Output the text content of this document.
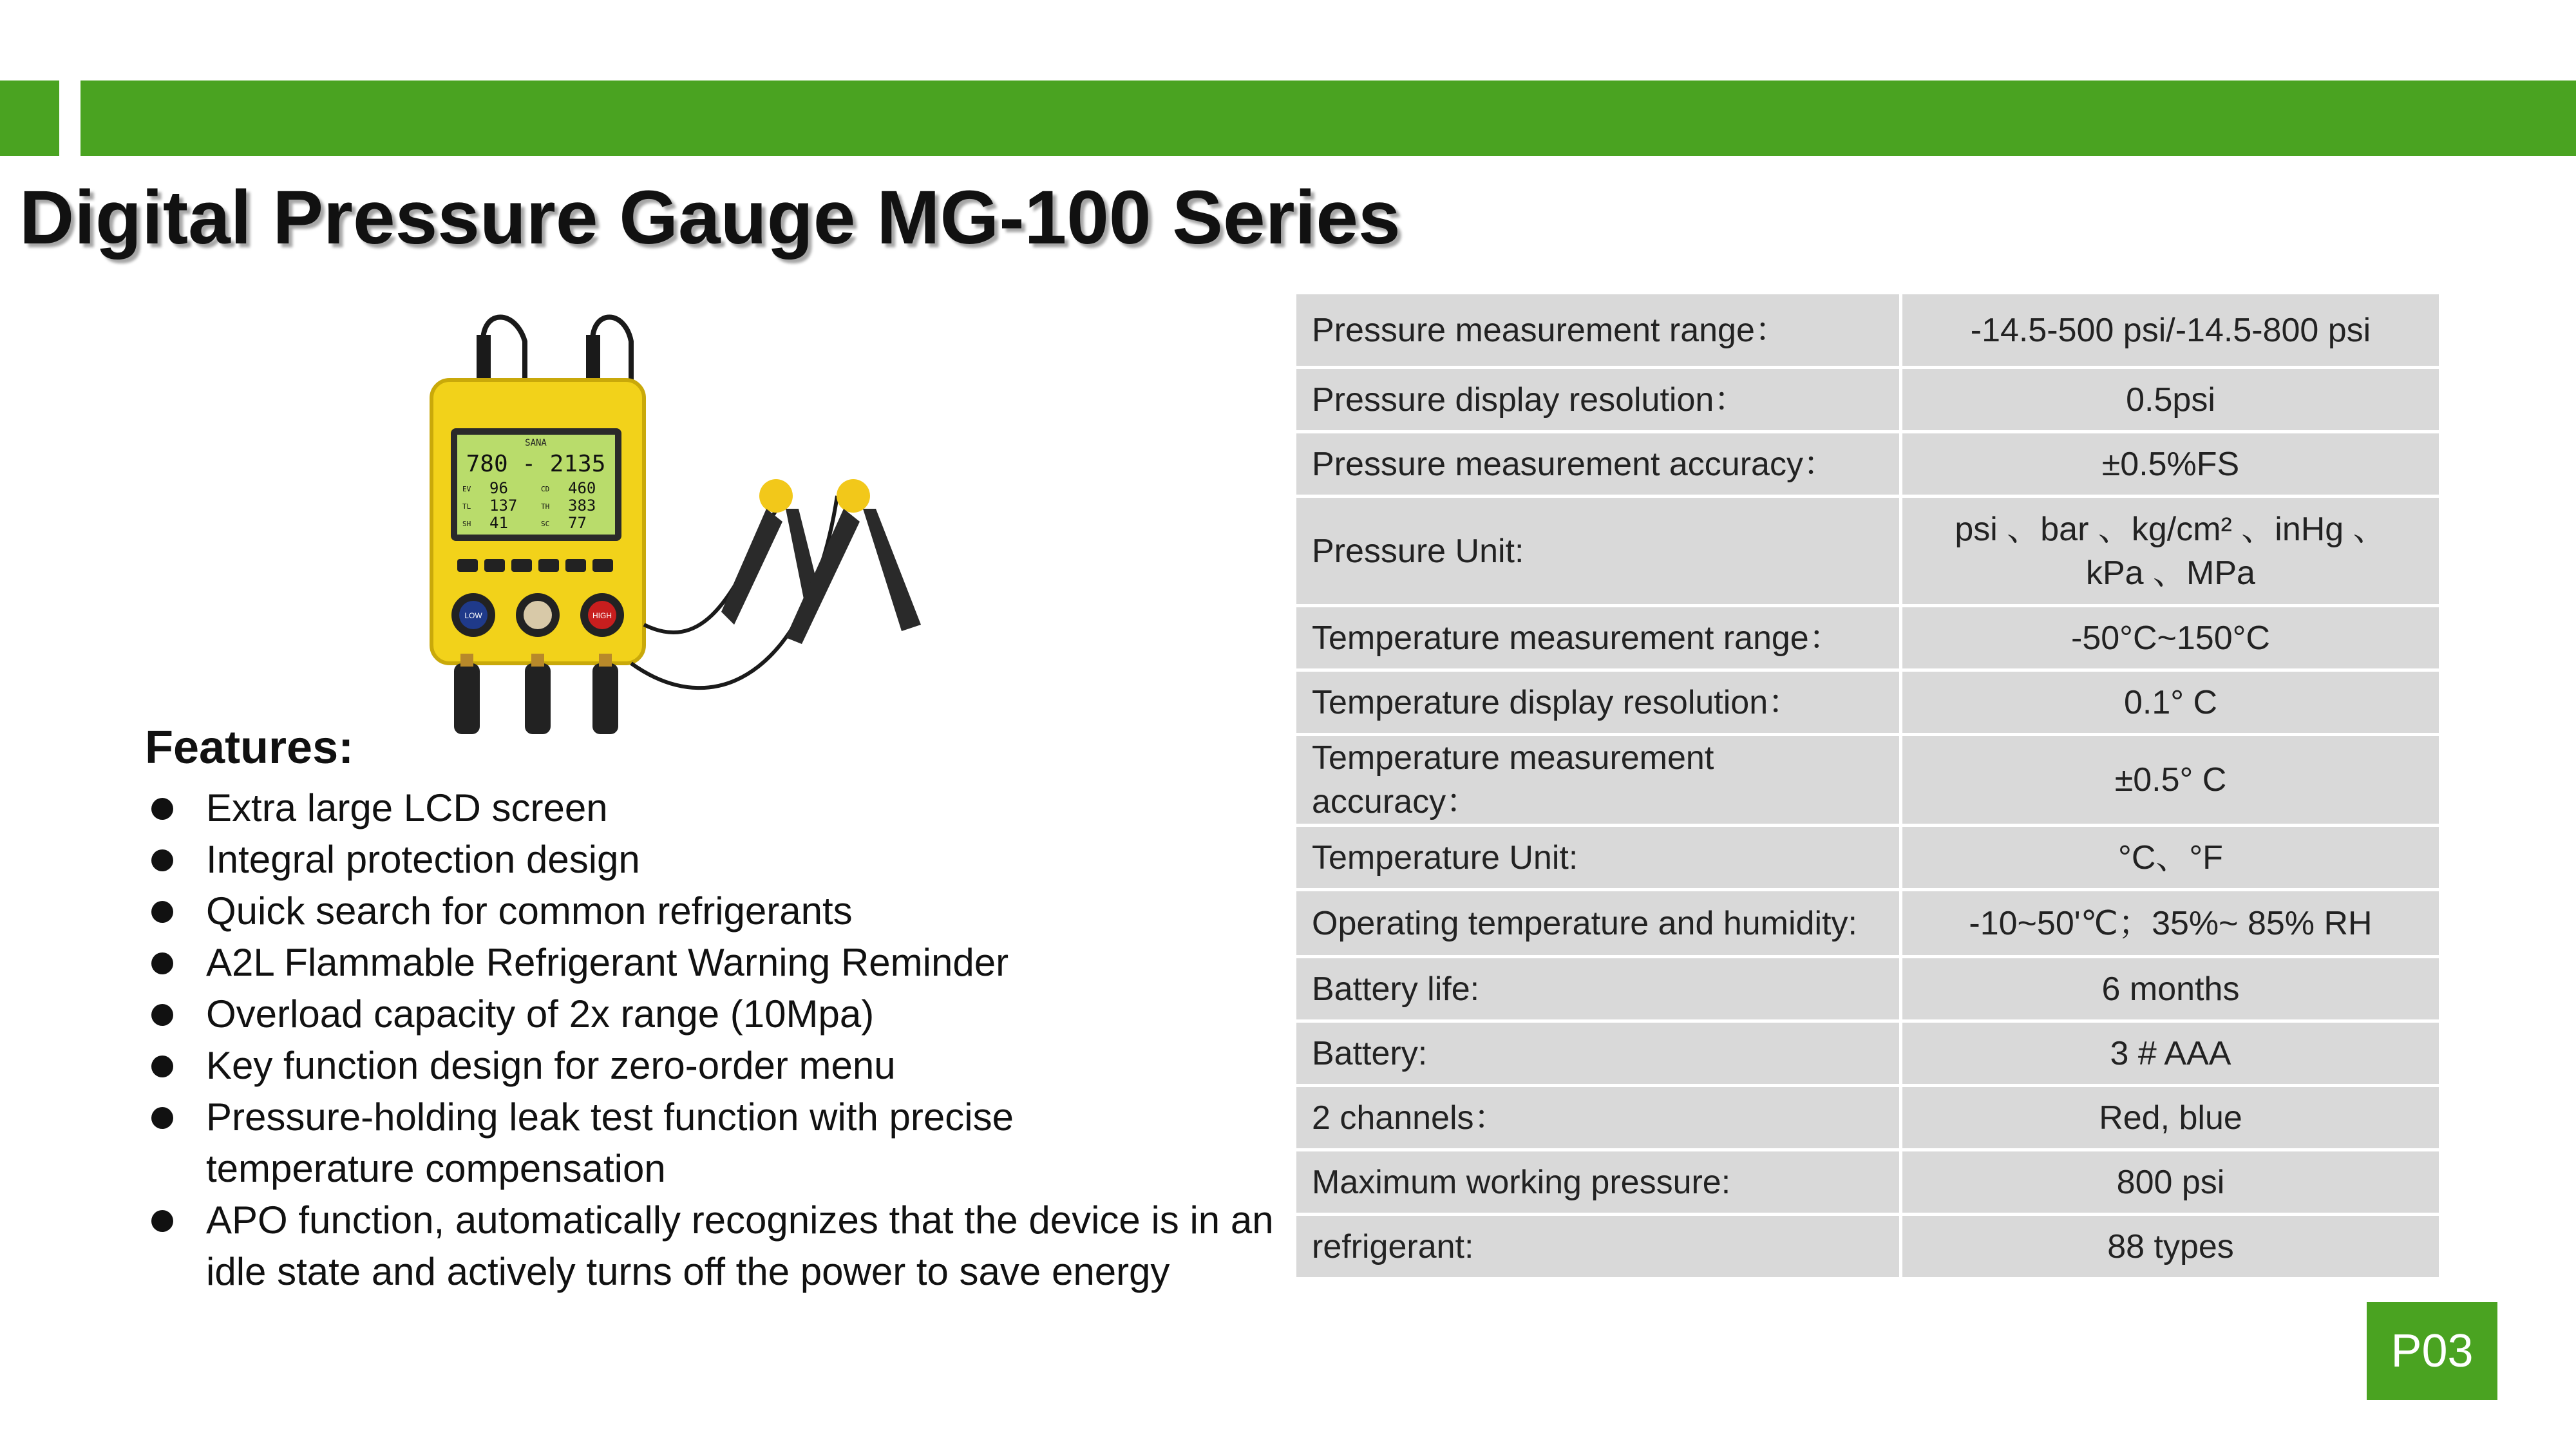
Digital Pressure Gauge MG-100 Series
SANA
780 - 2135
EV 96	CD 460
TL 137	TH 383
SH 41	SC 77
LOW	HIGH
Features:
Extra large LCD screen
Integral protection design
Quick search for common refrigerants
A2L Flammable Refrigerant Warning Reminder
Overload capacity of 2x range (10Mpa)
Key function design for zero-order menu
Pressure-holding leak test function with precise temperature compensation
APO function, automatically recognizes that the device is in an idle state and actively turns off the power to save energy
Pressure measurement range：	-14.5-500 psi/-14.5-800 psi
Pressure display resolution：	0.5psi
Pressure measurement accuracy：	±0.5%FS
Pressure Unit:	psi 、bar 、kg/cm² 、inHg 、kPa 、MPa
Temperature measurement range：	-50°C~150°C
Temperature display resolution：	0.1° C
Temperature measurement accuracy：	±0.5° C
Temperature Unit:	°C、°F
Operating temperature and humidity:	-10~50'℃；35%~ 85% RH
Battery life:	6 months
Battery:	3 # AAA
2 channels：	Red, blue
Maximum working pressure:	800 psi
refrigerant:	88 types
P03
